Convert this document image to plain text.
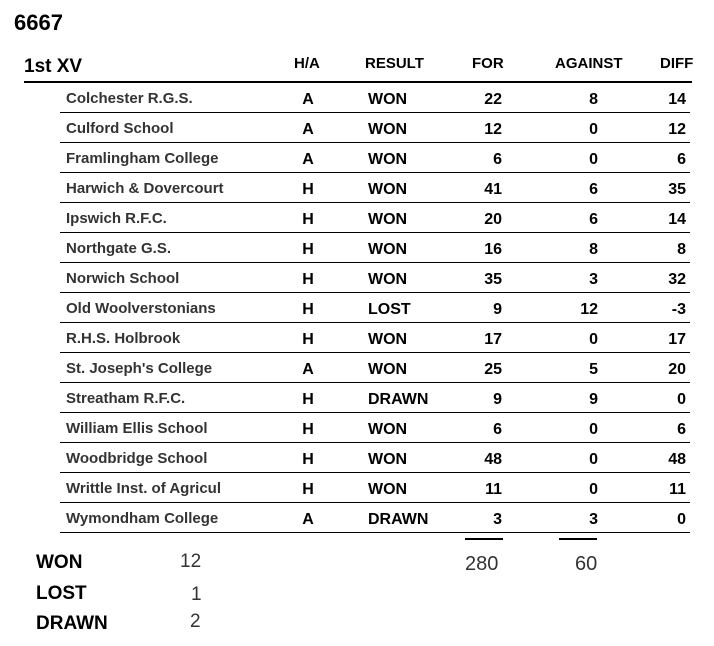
6667
1st XV	H/A	RESULT	FOR	AGAINST	DIFF
Colchester R.G.S.	A	WON	22	8	14
Culford School	A	WON	12	0	12
Framlingham College	A	WON	6	0	6
Harwich & Dovercourt	H	WON	41	6	35
Ipswich R.F.C.	H	WON	20	6	14
Northgate G.S.	H	WON	16	8	8
Norwich School	H	WON	35	3	32
Old Woolverstonians	H	LOST	9	12	-3
R.H.S. Holbrook	H	WON	17	0	17
St. Joseph's College	A	WON	25	5	20
Streatham R.F.C.	H	DRAWN	9	9	0
William Ellis School	H	WON	6	0	6
Woodbridge School	H	WON	48	0	48
Writtle Inst. of Agricul	H	WON	11	0	11
Wymondham College	A	DRAWN	3	3	0
280	60
WON	12
LOST	1
DRAWN	2
